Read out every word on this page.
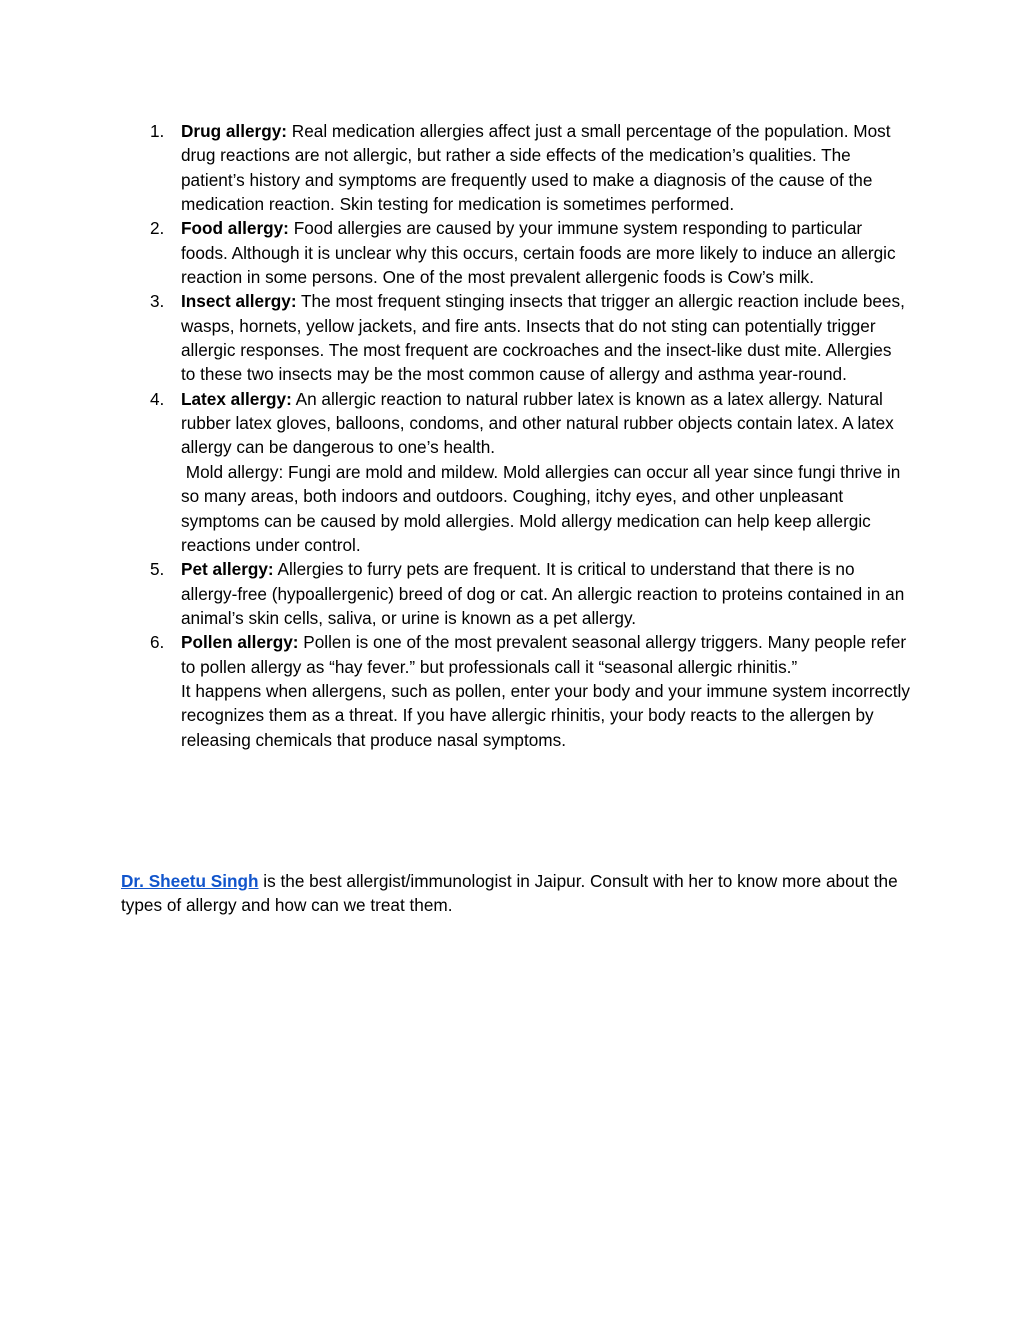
1. Drug allergy: Real medication allergies affect just a small percentage of the population. Most drug reactions are not allergic, but rather a side effects of the medication’s qualities. The patient’s history and symptoms are frequently used to make a diagnosis of the cause of the medication reaction. Skin testing for medication is sometimes performed.
2. Food allergy: Food allergies are caused by your immune system responding to particular foods. Although it is unclear why this occurs, certain foods are more likely to induce an allergic reaction in some persons. One of the most prevalent allergenic foods is Cow’s milk.
3. Insect allergy: The most frequent stinging insects that trigger an allergic reaction include bees, wasps, hornets, yellow jackets, and fire ants. Insects that do not sting can potentially trigger allergic responses. The most frequent are cockroaches and the insect-like dust mite. Allergies to these two insects may be the most common cause of allergy and asthma year-round.
4. Latex allergy: An allergic reaction to natural rubber latex is known as a latex allergy. Natural rubber latex gloves, balloons, condoms, and other natural rubber objects contain latex. A latex allergy can be dangerous to one’s health.
Mold allergy: Fungi are mold and mildew. Mold allergies can occur all year since fungi thrive in so many areas, both indoors and outdoors. Coughing, itchy eyes, and other unpleasant symptoms can be caused by mold allergies. Mold allergy medication can help keep allergic reactions under control.
5. Pet allergy: Allergies to furry pets are frequent. It is critical to understand that there is no allergy-free (hypoallergenic) breed of dog or cat. An allergic reaction to proteins contained in an animal’s skin cells, saliva, or urine is known as a pet allergy.
6. Pollen allergy: Pollen is one of the most prevalent seasonal allergy triggers. Many people refer to pollen allergy as “hay fever.” but professionals call it “seasonal allergic rhinitis.”
It happens when allergens, such as pollen, enter your body and your immune system incorrectly recognizes them as a threat. If you have allergic rhinitis, your body reacts to the allergen by releasing chemicals that produce nasal symptoms.

Dr. Sheetu Singh is the best allergist/immunologist in Jaipur. Consult with her to know more about the types of allergy and how can we treat them.
